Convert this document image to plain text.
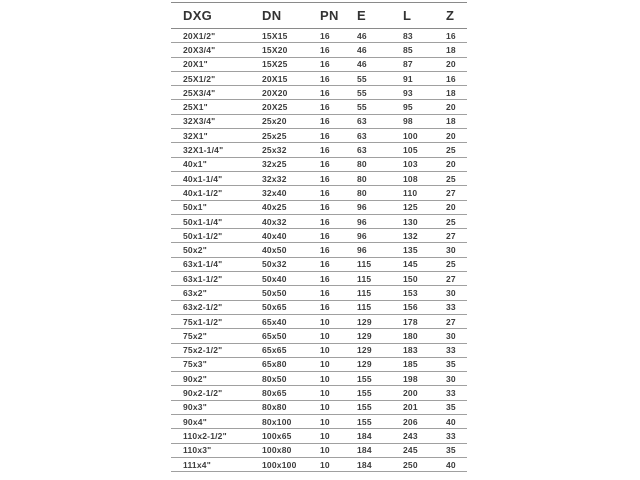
DXG	DN	PN	E	L	Z
20X1/2"	15X15	16	46	83	16
20X3/4"	15X20	16	46	85	18
20X1"	15X25	16	46	87	20
25X1/2"	20X15	16	55	91	16
25X3/4"	20X20	16	55	93	18
25X1"	20X25	16	55	95	20
32X3/4"	25x20	16	63	98	18
32X1"	25x25	16	63	100	20
32X1-1/4"	25x32	16	63	105	25
40x1"	32x25	16	80	103	20
40x1-1/4"	32x32	16	80	108	25
40x1-1/2"	32x40	16	80	110	27
50x1"	40x25	16	96	125	20
50x1-1/4"	40x32	16	96	130	25
50x1-1/2"	40x40	16	96	132	27
50x2"	40x50	16	96	135	30
63x1-1/4"	50x32	16	115	145	25
63x1-1/2"	50x40	16	115	150	27
63x2"	50x50	16	115	153	30
63x2-1/2"	50x65	16	115	156	33
75x1-1/2"	65x40	10	129	178	27
75x2"	65x50	10	129	180	30
75x2-1/2"	65x65	10	129	183	33
75x3"	65x80	10	129	185	35
90x2"	80x50	10	155	198	30
90x2-1/2"	80x65	10	155	200	33
90x3"	80x80	10	155	201	35
90x4"	80x100	10	155	206	40
110x2-1/2"	100x65	10	184	243	33
110x3"	100x80	10	184	245	35
111x4"	100x100	10	184	250	40
